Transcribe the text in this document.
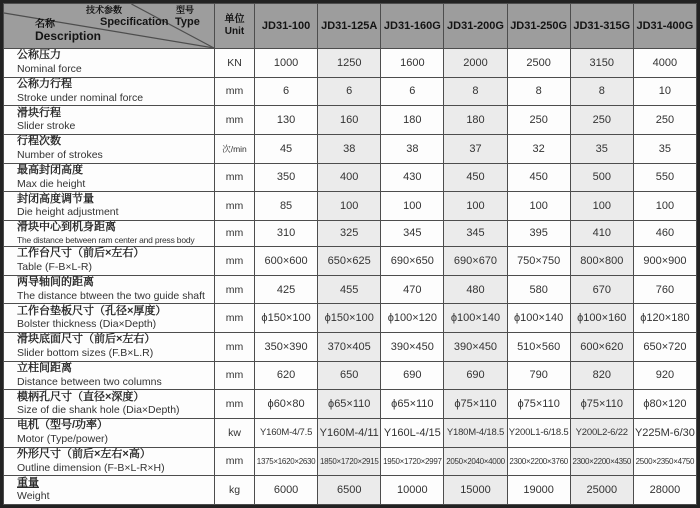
技术参数
Specification
型号
Type
名称
Description

单位
Unit	JD31-100	JD31-125A	JD31-160G	JD31-200G	JD31-250G	JD31-315G	JD31-400G

公称压力
Nominal force	KN	1000	1250	1600	2000	2500	3150	4000

公称力行程
Stroke under nominal force	mm	6	6	6	8	8	8	10

滑块行程
Slider stroke	mm	130	160	180	180	250	250	250

行程次数
Number of strokes	次/min	45	38	38	37	32	35	35

最高封闭高度
Max die height	mm	350	400	430	450	450	500	550

封闭高度调节量
Die height adjustment	mm	85	100	100	100	100	100	100

滑块中心到机身距离
The distance between ram center and press body	mm	310	325	345	345	395	410	460

工作台尺寸（前后×左右）
Table (F-B×L-R)	mm	600×600	650×625	690×650	690×670	750×750	800×800	900×900

两导轴间的距离
The distance btween the two guide shaft	mm	425	455	470	480	580	670	760

工作台垫板尺寸（孔径×厚度）
Bolster thickness (Dia×Depth)	mm	ϕ150×100	ϕ150×100	ϕ100×120	ϕ100×140	ϕ100×140	ϕ100×160	ϕ120×180

滑块底面尺寸（前后×左右）
Slider bottom sizes (F.B×L.R)	mm	350×390	370×405	390×450	390×450	510×560	600×620	650×720

立柱间距离
Distance between two columns	mm	620	650	690	690	790	820	920

模柄孔尺寸（直径×深度）
Size of die shank hole (Dia×Depth)	mm	ϕ60×80	ϕ65×110	ϕ65×110	ϕ75×110	ϕ75×110	ϕ75×110	ϕ80×120

电机（型号/功率）
Motor (Type/power)	kw	Y160M-4/7.5	Y160M-4/11	Y160L-4/15	Y180M-4/18.5	Y200L1-6/18.5	Y200L2-6/22	Y225M-6/30

外形尺寸（前后×左右×高）
Outline dimension (F-B×L-R×H)	mm	1375×1620×2630	1850×1720×2915	1950×1720×2997	2050×2040×4000	2300×2200×3760	2300×2200×4350	2500×2350×4750

重量
Weight	kg	6000	6500	10000	15000	19000	25000	28000
